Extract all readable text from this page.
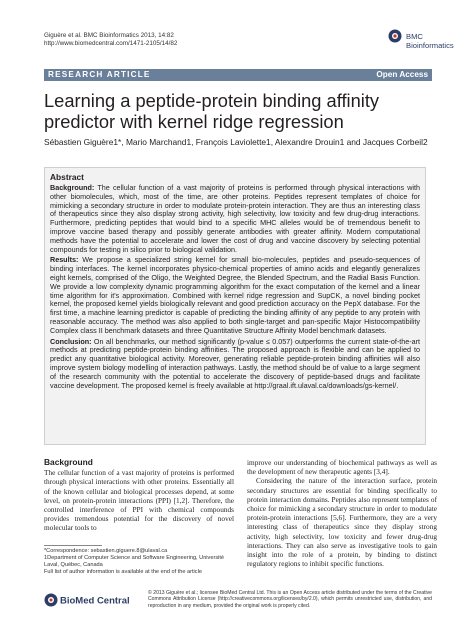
Giguère et al. BMC Bioinformatics 2013, 14:82
http://www.biomedcentral.com/1471-2105/14/82
BMC
Bioinformatics
RESEARCH ARTICLE	Open Access
Learning a peptide-protein binding affinity predictor with kernel ridge regression
Sébastien Giguère1*, Mario Marchand1, François Laviolette1, Alexandre Drouin1 and Jacques Corbeil2
Abstract

Background: The cellular function of a vast majority of proteins is performed through physical interactions with other biomolecules, which, most of the time, are other proteins. Peptides represent templates of choice for mimicking a secondary structure in order to modulate protein-protein interaction. They are thus an interesting class of therapeutics since they also display strong activity, high selectivity, low toxicity and few drug-drug interactions. Furthermore, predicting peptides that would bind to a specific MHC alleles would be of tremendous benefit to improve vaccine based therapy and possibly generate antibodies with greater affinity. Modern computational methods have the potential to accelerate and lower the cost of drug and vaccine discovery by selecting potential compounds for testing in silico prior to biological validation.

Results: We propose a specialized string kernel for small bio-molecules, peptides and pseudo-sequences of binding interfaces. The kernel incorporates physico-chemical properties of amino acids and elegantly generalizes eight kernels, comprised of the Oligo, the Weighted Degree, the Blended Spectrum, and the Radial Basis Function. We provide a low complexity dynamic programming algorithm for the exact computation of the kernel and a linear time algorithm for it's approximation. Combined with kernel ridge regression and SupCK, a novel binding pocket kernel, the proposed kernel yields biologically relevant and good prediction accuracy on the PepX database. For the first time, a machine learning predictor is capable of predicting the binding affinity of any peptide to any protein with reasonable accuracy. The method was also applied to both single-target and pan-specific Major Histocompatibility Complex class II benchmark datasets and three Quantitative Structure Affinity Model benchmark datasets.

Conclusion: On all benchmarks, our method significantly (p-value ≤ 0.057) outperforms the current state-of-the-art methods at predicting peptide-protein binding affinities. The proposed approach is flexible and can be applied to predict any quantitative biological activity. Moreover, generating reliable peptide-protein binding affinities will also improve system biology modelling of interaction pathways. Lastly, the method should be of value to a large segment of the research community with the potential to accelerate the discovery of peptide-based drugs and facilitate vaccine development. The proposed kernel is freely available at http://graal.ift.ulaval.ca/downloads/gs-kernel/.

Background

The cellular function of a vast majority of proteins is performed through physical interactions with other proteins. Essentially all of the known cellular and biological processes depend, at some level, on protein-protein interactions (PPI) [1,2]. Therefore, the controlled interference of PPI with chemical compounds provides tremendous potential for the discovery of novel molecular tools to

improve our understanding of biochemical pathways as well as the development of new therapeutic agents [3,4].

Considering the nature of the interaction surface, protein secondary structures are essential for binding specifically to protein interaction domains. Peptides also represent templates of choice for mimicking a secondary structure in order to modulate protein-protein interactions [5,6]. Furthermore, they are a very interesting class of therapeutics since they display strong activity, high selectivity, low toxicity and fewer drug-drug interactions. They can also serve as investigative tools to gain insight into the role of a protein, by binding to distinct regulatory regions to inhibit specific functions.

*Correspondence: sebastien.giguere.8@ulaval.ca
1Department of Computer Science and Software Engineering, Université Laval, Québec, Canada
Full list of author information is available at the end of the article
BioMed Central
© 2013 Giguère et al.; licensee BioMed Central Ltd. This is an Open Access article distributed under the terms of the Creative Commons Attribution License (http://creativecommons.org/licenses/by/2.0), which permits unrestricted use, distribution, and reproduction in any medium, provided the original work is properly cited.
